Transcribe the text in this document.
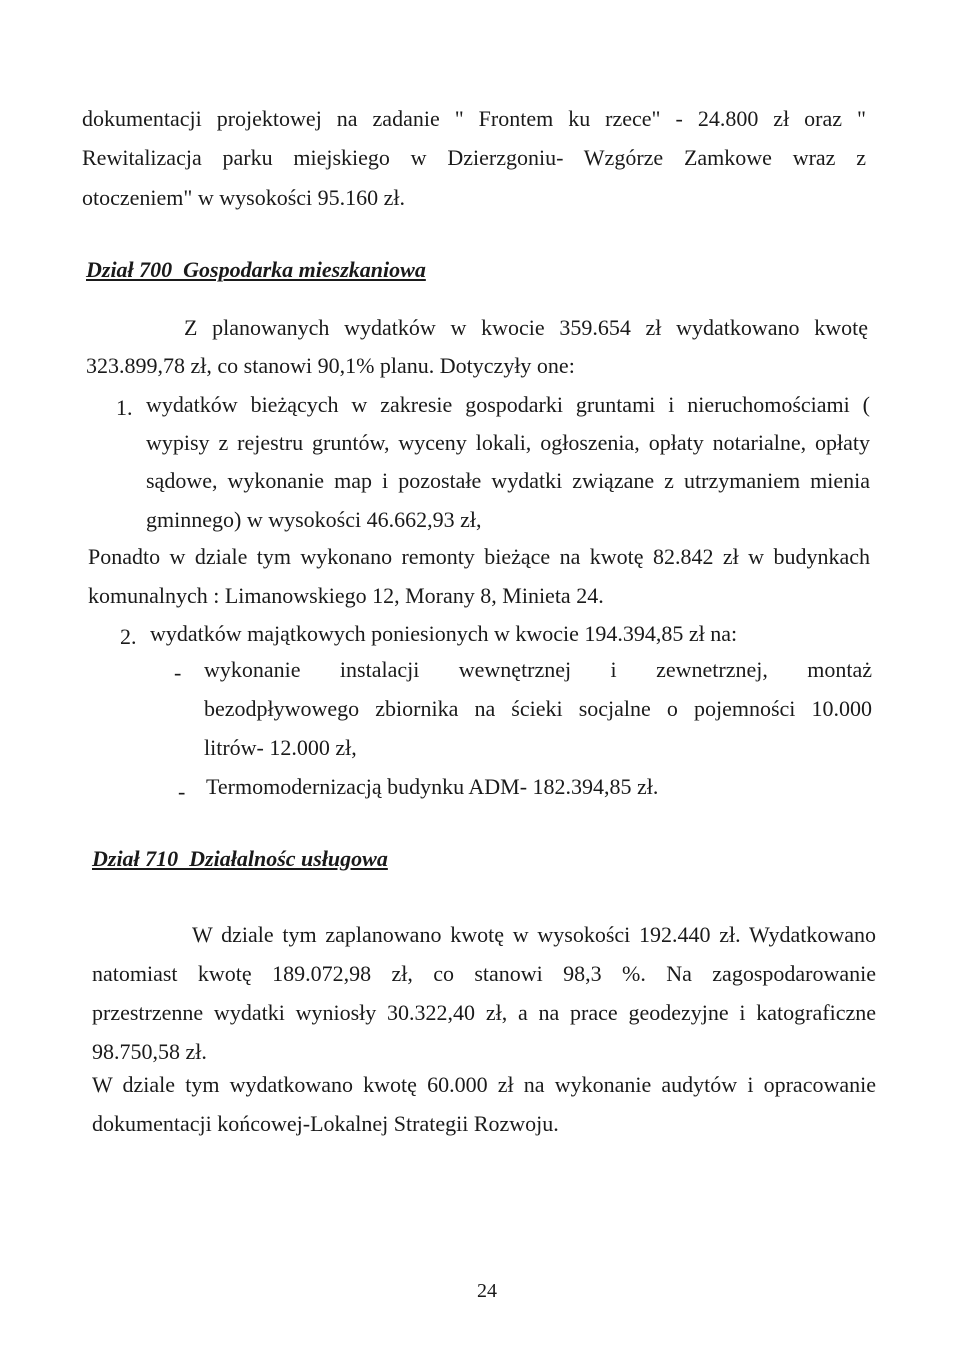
dokumentacji projektowej na zadanie " Frontem ku rzece" - 24.800 zł oraz "
Rewitalizacja parku miejskiego w Dzierzgoniu- Wzgórze Zamkowe wraz z
otoczeniem" w wysokości 95.160 zł.
Dział 700  Gospodarka mieszkaniowa
Z planowanych wydatków w kwocie 359.654 zł wydatkowano kwotę
323.899,78 zł, co stanowi 90,1% planu. Dotyczyły one:
1. wydatków bieżących w zakresie gospodarki gruntami i nieruchomościami (
wypisy z rejestru gruntów, wyceny lokali, ogłoszenia, opłaty notarialne, opłaty
sądowe, wykonanie map i pozostałe wydatki związane z utrzymaniem mienia
gminnego) w wysokości 46.662,93 zł,
Ponadto w dziale tym wykonano remonty bieżące na kwotę 82.842 zł w budynkach
komunalnych : Limanowskiego 12, Morany 8, Minieta 24.
2. wydatków majątkowych poniesionych w kwocie 194.394,85 zł na:
- wykonanie instalacji wewnętrznej i zewnetrznej, montaż
bezodpływowego zbiornika na ścieki socjalne o pojemności 10.000
litrów- 12.000 zł,
- Termomodernizacją budynku ADM- 182.394,85 zł.
Dział 710  Działalnośc usługowa
W dziale tym zaplanowano kwotę w wysokości 192.440 zł. Wydatkowano
natomiast kwotę 189.072,98 zł, co stanowi 98,3 %. Na zagospodarowanie
przestrzenne wydatki wyniosły 30.322,40 zł, a na prace geodezyjne i katograficzne
98.750,58 zł.
W dziale tym wydatkowano kwotę 60.000 zł na wykonanie audytów i opracowanie
dokumentacji końcowej-Lokalnej Strategii Rozwoju.
24
